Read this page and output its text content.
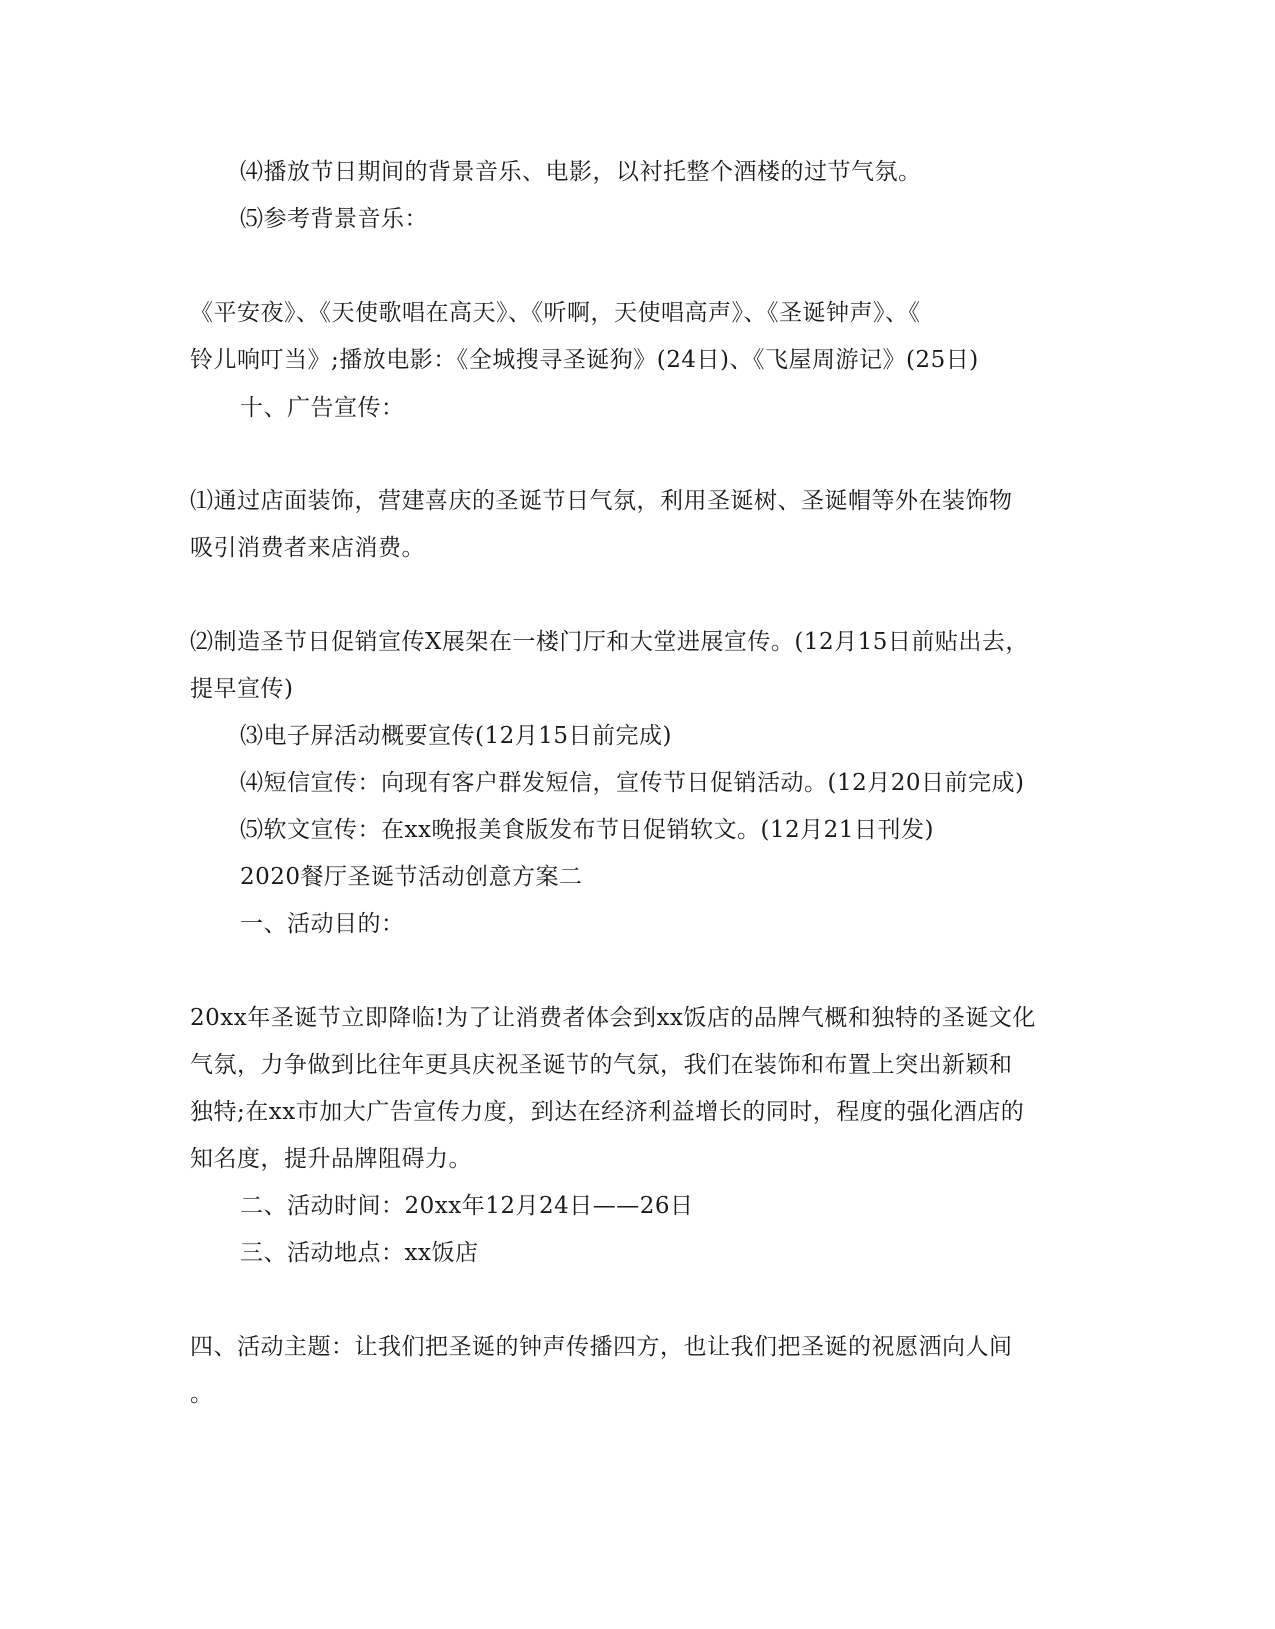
⑷播放节日期间的背景音乐、电影，以衬托整个酒楼的过节气氛。
⑸参考背景音乐：
《平安夜》、《天使歌唱在高天》、《听啊，天使唱高声》、《圣诞钟声》、《
铃儿响叮当》;播放电影：《全城搜寻圣诞狗》(24日)、《飞屋周游记》(25日)
十、广告宣传：
⑴通过店面装饰，营建喜庆的圣诞节日气氛，利用圣诞树、圣诞帽等外在装饰物
吸引消费者来店消费。
⑵制造圣节日促销宣传X展架在一楼门厅和大堂进展宣传。(12月15日前贴出去，
提早宣传)
⑶电子屏活动概要宣传(12月15日前完成)
⑷短信宣传：向现有客户群发短信，宣传节日促销活动。(12月20日前完成)
⑸软文宣传：在xx晚报美食版发布节日促销软文。(12月21日刊发)
2020餐厅圣诞节活动创意方案二
一、活动目的：
20xx年圣诞节立即降临!为了让消费者体会到xx饭店的品牌气概和独特的圣诞文化
气氛，力争做到比往年更具庆祝圣诞节的气氛，我们在装饰和布置上突出新颖和
独特;在xx市加大广告宣传力度，到达在经济利益增长的同时，程度的强化酒店的
知名度，提升品牌阻碍力。
二、活动时间：20xx年12月24日——26日
三、活动地点：xx饭店
四、活动主题：让我们把圣诞的钟声传播四方，也让我们把圣诞的祝愿洒向人间
。
